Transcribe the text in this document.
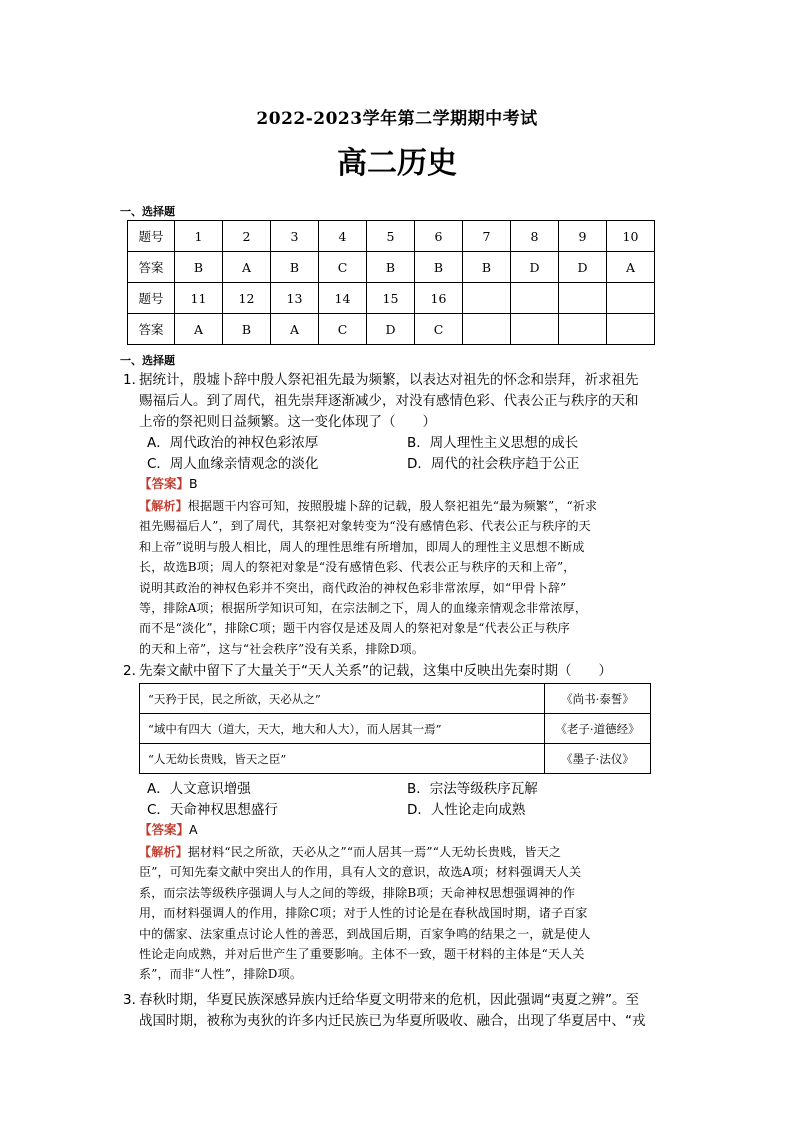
2022-2023学年第二学期期中考试
高二历史
一、选择题
题号	1	2	3	4	5	6	7	8	9	10
答案	B	A	B	C	B	B	B	D	D	A
题号	11	12	13	14	15	16				
答案	A	B	A	C	D	C				
一、选择题
1．据统计，殷墟卜辞中殷人祭祀祖先最为频繁，以表达对祖先的怀念和崇拜，祈求祖先
赐福后人。到了周代，祖先崇拜逐渐减少，对没有感情色彩、代表公正与秩序的天和
上帝的祭祀则日益频繁。这一变化体现了（　　）
A．周代政治的神权色彩浓厚	B．周人理性主义思想的成长
C．周人血缘亲情观念的淡化	D．周代的社会秩序趋于公正
【答案】B
【解析】根据题干内容可知，按照殷墟卜辞的记载，殷人祭祀祖先“最为频繁”，“祈求
祖先赐福后人”，到了周代，其祭祀对象转变为“没有感情色彩、代表公正与秩序的天
和上帝”说明与殷人相比，周人的理性思维有所增加，即周人的理性主义思想不断成
长，故选B项；周人的祭祀对象是“没有感情色彩、代表公正与秩序的天和上帝”，
说明其政治的神权色彩并不突出，商代政治的神权色彩非常浓厚，如“甲骨卜辞”
等，排除A项；根据所学知识可知，在宗法制之下，周人的血缘亲情观念非常浓厚，
而不是“淡化”，排除C项；题干内容仅是述及周人的祭祀对象是“代表公正与秩序
的天和上帝”，这与“社会秩序”没有关系，排除D项。
2．先秦文献中留下了大量关于“天人关系”的记载，这集中反映出先秦时期（　　）
“天矜于民，民之所欲，天必从之”	《尚书·泰誓》
“域中有四大（道大，天大，地大和人大），而人居其一焉”	《老子·道德经》
“人无幼长贵贱，皆天之臣”	《墨子·法仪》
A．人文意识增强	B．宗法等级秩序瓦解
C．天命神权思想盛行	D．人性论走向成熟
【答案】A
【解析】据材料“民之所欲，天必从之”“而人居其一焉”“人无幼长贵贱，皆天之
臣”，可知先秦文献中突出人的作用，具有人文的意识，故选A项；材料强调天人关
系，而宗法等级秩序强调人与人之间的等级，排除B项；天命神权思想强调神的作
用，而材料强调人的作用，排除C项；对于人性的讨论是在春秋战国时期，诸子百家
中的儒家、法家重点讨论人性的善恶，到战国后期，百家争鸣的结果之一，就是使人
性论走向成熟，并对后世产生了重要影响。主体不一致，题干材料的主体是“天人关
系”，而非“人性”，排除D项。
3．春秋时期，华夏民族深感异族内迁给华夏文明带来的危机，因此强调“夷夏之辨”。至
战国时期，被称为夷狄的许多内迁民族已为华夏所吸收、融合，出现了华夏居中、“戎
